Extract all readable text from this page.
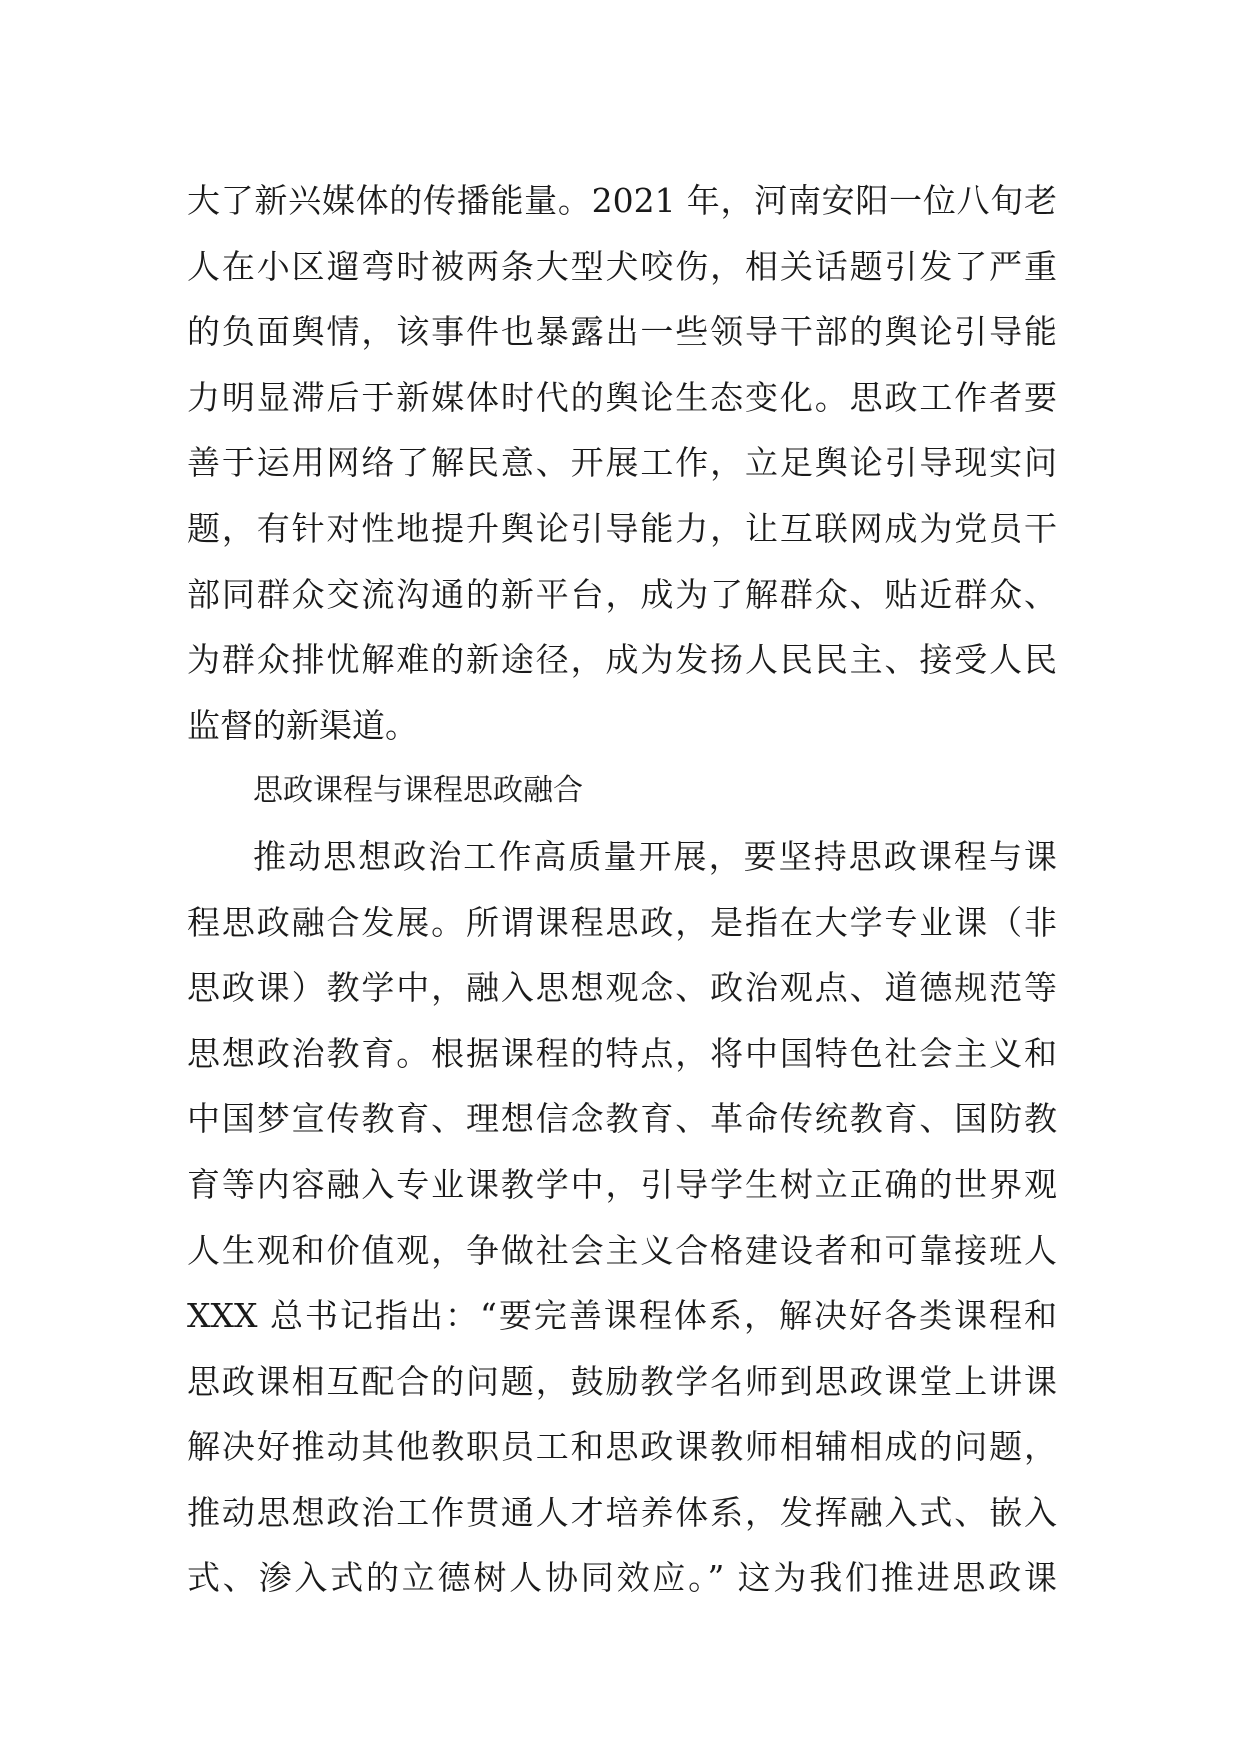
大了新兴媒体的传播能量。2021 年，河南安阳一位八旬老
人在小区遛弯时被两条大型犬咬伤，相关话题引发了严重
的负面舆情，该事件也暴露出一些领导干部的舆论引导能
力明显滞后于新媒体时代的舆论生态变化。思政工作者要
善于运用网络了解民意、开展工作，立足舆论引导现实问
题，有针对性地提升舆论引导能力，让互联网成为党员干
部同群众交流沟通的新平台，成为了解群众、贴近群众、
为群众排忧解难的新途径，成为发扬人民民主、接受人民
监督的新渠道。
思政课程与课程思政融合
推动思想政治工作高质量开展，要坚持思政课程与课
程思政融合发展。所谓课程思政，是指在大学专业课（非
思政课）教学中，融入思想观念、政治观点、道德规范等
思想政治教育。根据课程的特点，将中国特色社会主义和
中国梦宣传教育、理想信念教育、革命传统教育、国防教
育等内容融入专业课教学中，引导学生树立正确的世界观
人生观和价值观，争做社会主义合格建设者和可靠接班人
XXX 总书记指出：“要完善课程体系，解决好各类课程和
思政课相互配合的问题，鼓励教学名师到思政课堂上讲课
解决好推动其他教职员工和思政课教师相辅相成的问题，
推动思想政治工作贯通人才培养体系，发挥融入式、嵌入
式、渗入式的立德树人协同效应。” 这为我们推进思政课
